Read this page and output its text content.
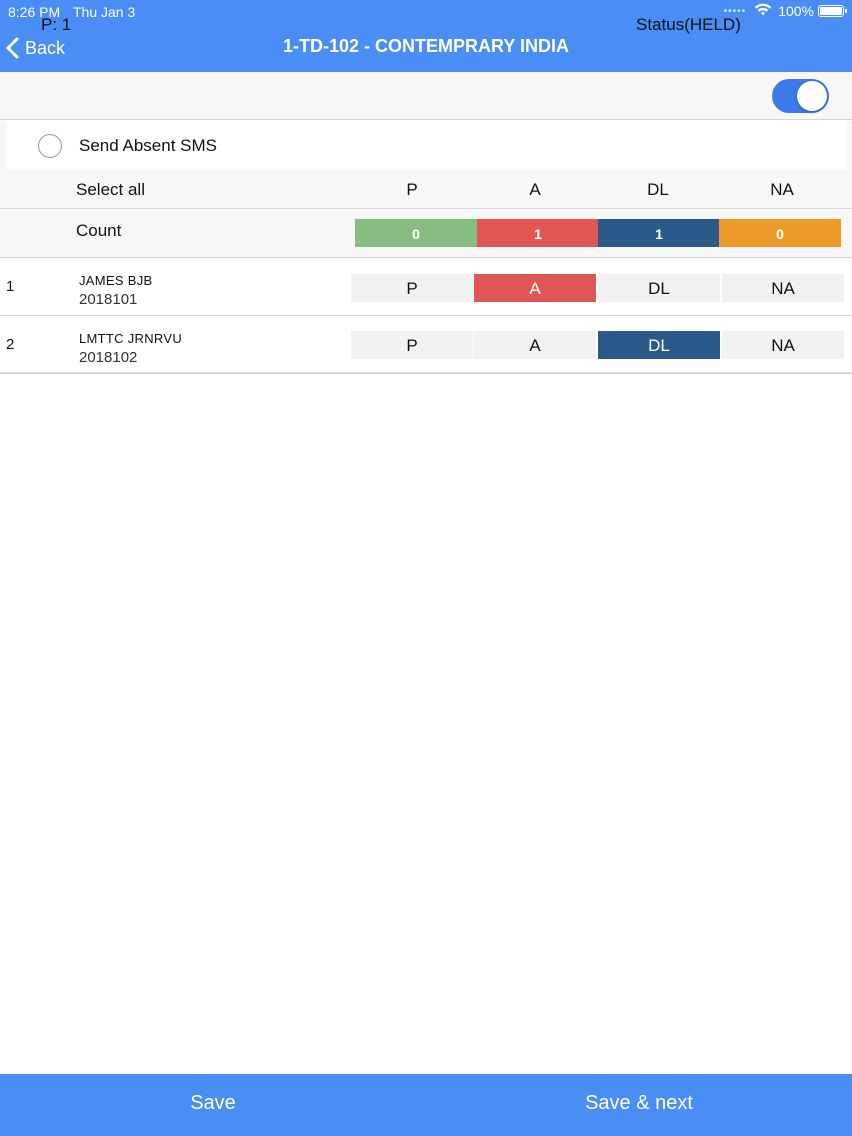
8:26 PM Thu Jan 3	••••• 100%
Back	1-TD-102 - CONTEMPRARY INDIA
P: 1	Status(HELD)
Send Absent SMS
Select all	P	A	DL	NA
Count	0	1	1	0
1	JAMES BJB
2018101
P	A	DL	NA
2	LMTTC JRNRVU
2018102
P	A	DL	NA
Save	Save & next
